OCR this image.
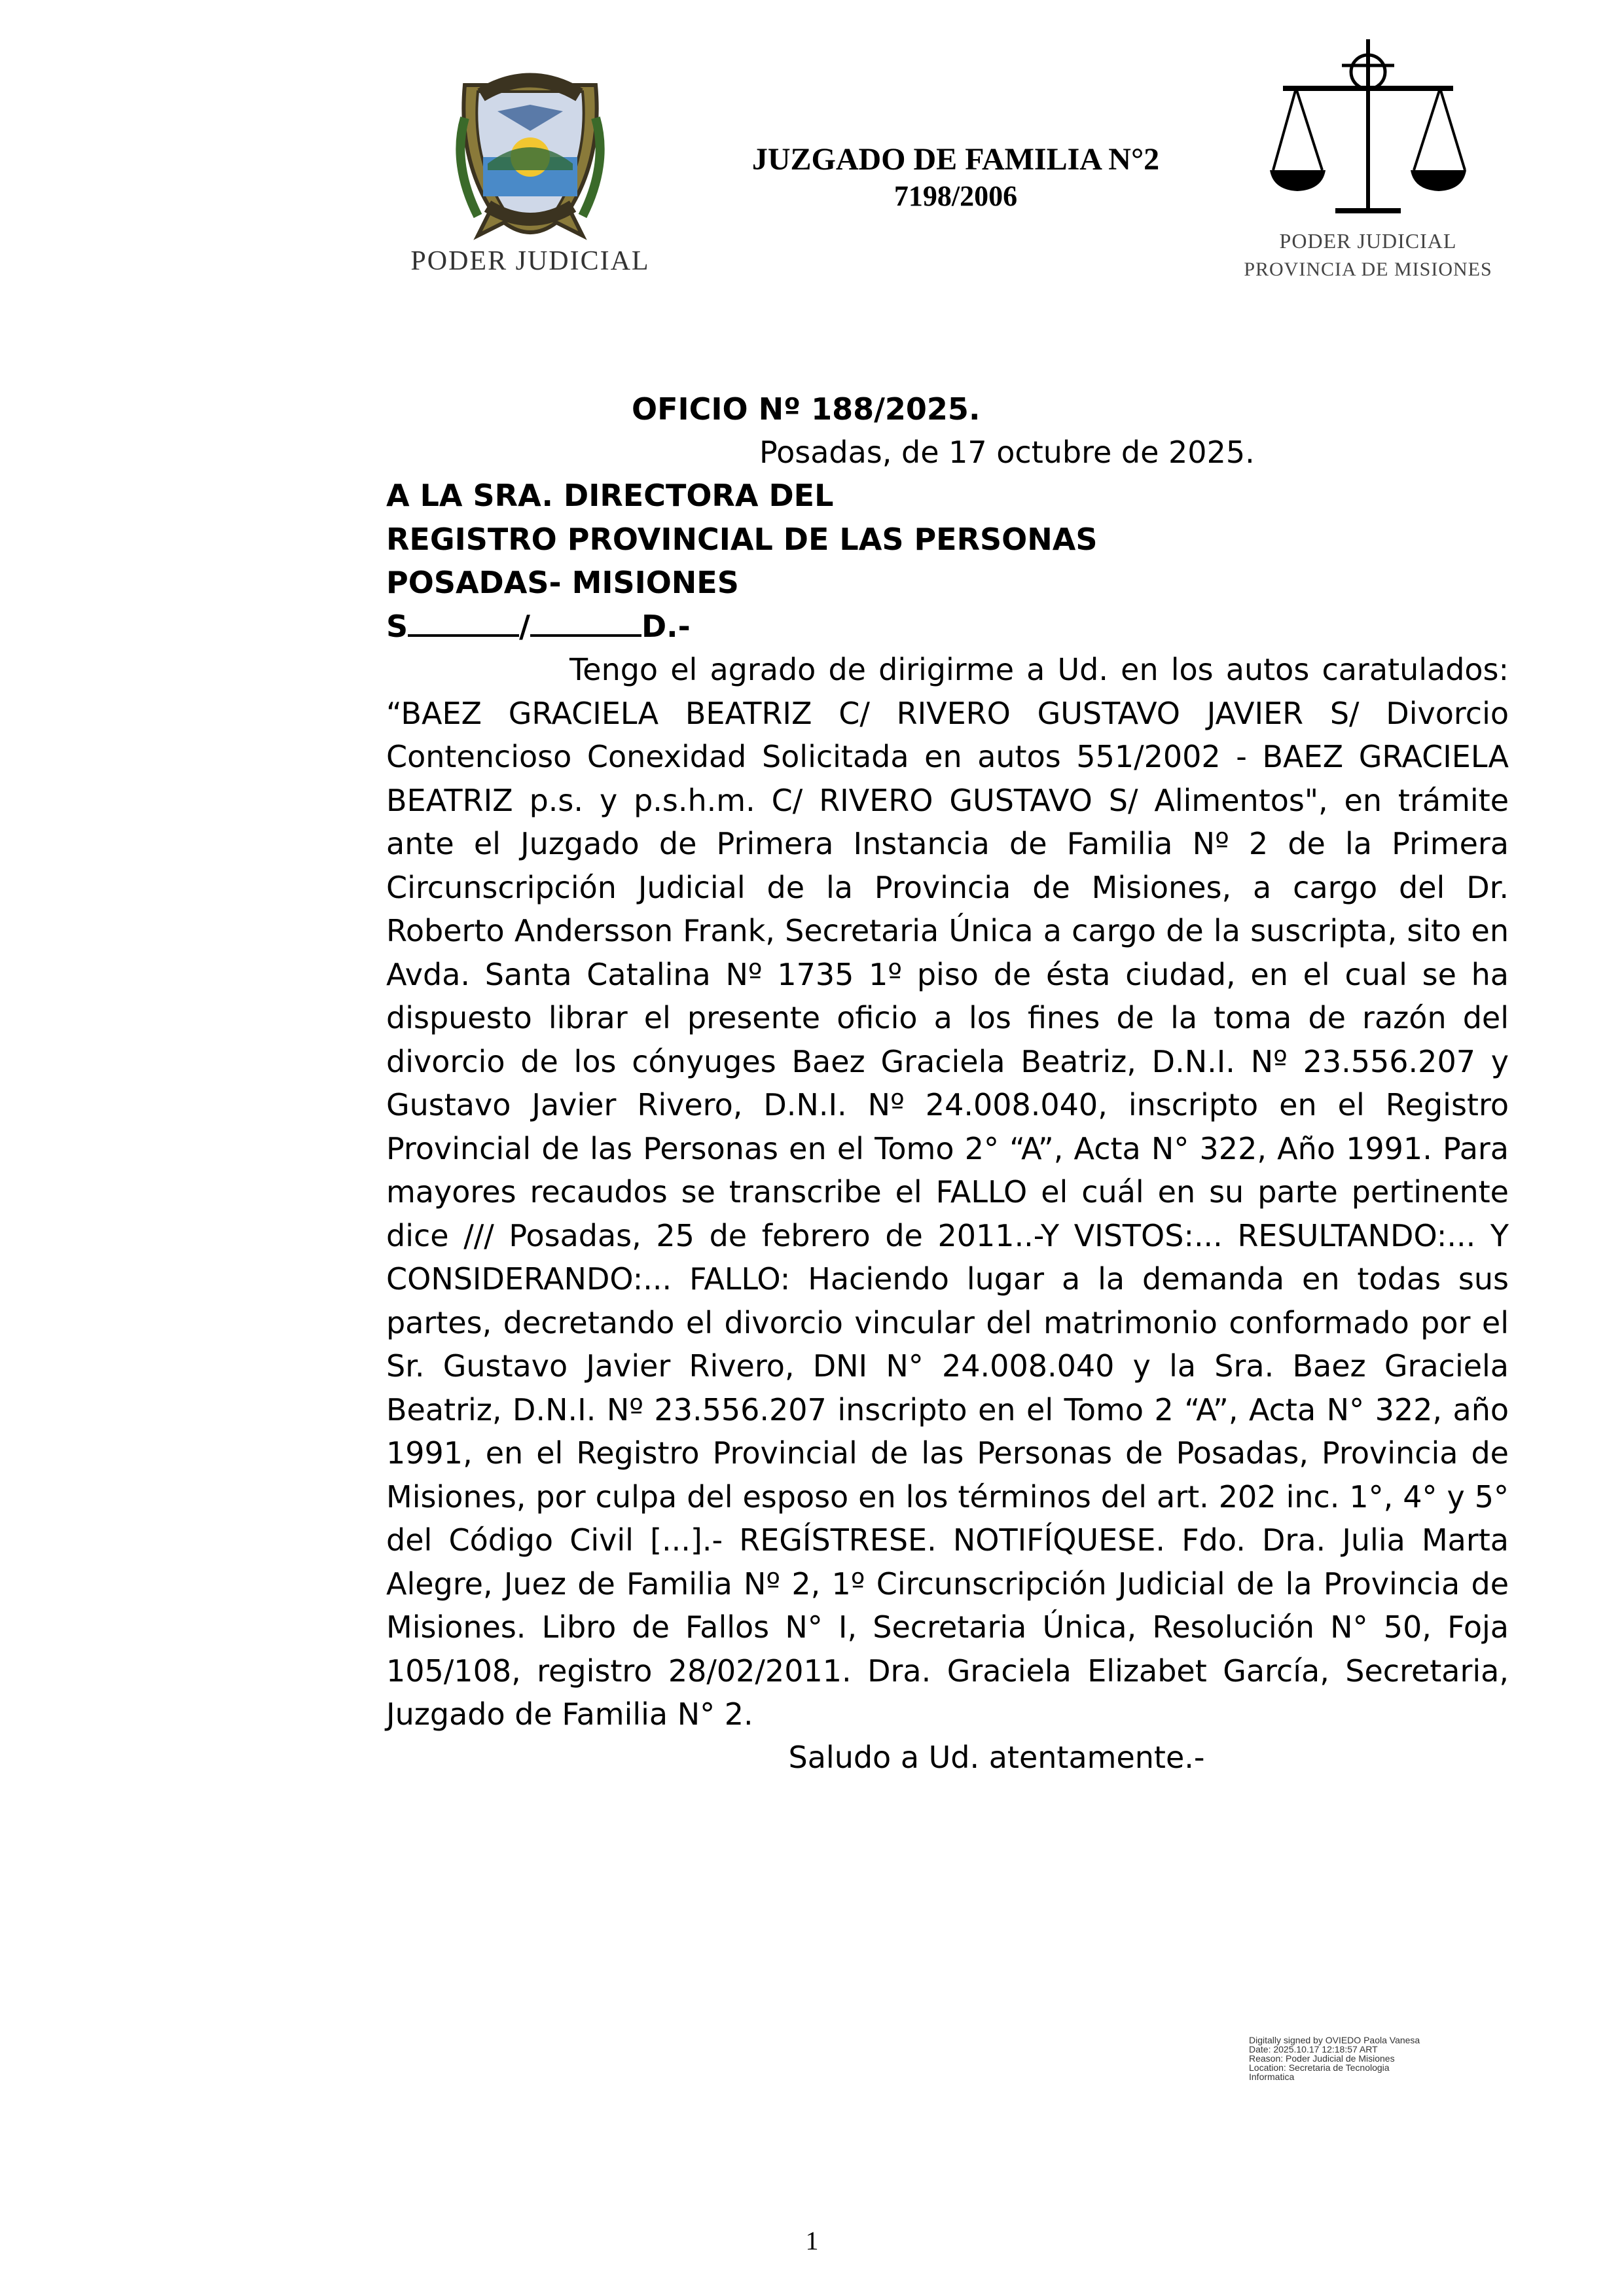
PODER JUDICIAL
JUZGADO DE FAMILIA N°2
7198/2006
PODER JUDICIAL
PROVINCIA DE MISIONES
OFICIO Nº 188/2025.
Posadas, de 17 octubre de 2025.
A LA SRA. DIRECTORA DEL
REGISTRO PROVINCIAL DE LAS PERSONAS
POSADAS- MISIONES
S	/	D.-
Tengo el agrado de dirigirme a Ud. en los autos caratulados: “BAEZ GRACIELA BEATRIZ C/ RIVERO GUSTAVO JAVIER S/ Divorcio Contencioso Conexidad Solicitada en autos 551/2002 - BAEZ GRACIELA BEATRIZ p.s. y p.s.h.m. C/ RIVERO GUSTAVO S/ Alimentos", en trámite ante el Juzgado de Primera Instancia de Familia Nº 2 de la Primera Circunscripción Judicial de la Provincia de Misiones, a cargo del Dr. Roberto Andersson Frank, Secretaria Única a cargo de la suscripta, sito en Avda. Santa Catalina Nº 1735 1º piso de ésta ciudad, en el cual se ha dispuesto librar el presente oficio a los fines de la toma de razón del divorcio de los cónyuges Baez Graciela Beatriz, D.N.I. Nº 23.556.207 y Gustavo Javier Rivero, D.N.I. Nº 24.008.040, inscripto en el Registro Provincial de las Personas en el Tomo 2° “A”, Acta N° 322, Año 1991. Para mayores recaudos se transcribe el FALLO el cuál en su parte pertinente dice /// Posadas, 25 de febrero de 2011..-Y VISTOS:... RESULTANDO:... Y CONSIDERANDO:... FALLO: Haciendo lugar a la demanda en todas sus partes, decretando el divorcio vincular del matrimonio conformado por el Sr. Gustavo Javier Rivero, DNI N° 24.008.040 y la Sra. Baez Graciela Beatriz, D.N.I. Nº 23.556.207 inscripto en el Tomo 2 “A”, Acta N° 322, año 1991, en el Registro Provincial de las Personas de Posadas, Provincia de Misiones, por culpa del esposo en los términos del art. 202 inc. 1°, 4° y 5° del Código Civil [...].- REGÍSTRESE. NOTIFÍQUESE. Fdo. Dra. Julia Marta Alegre, Juez de Familia Nº 2, 1º Circunscripción Judicial de la Provincia de Misiones. Libro de Fallos N° I, Secretaria Única, Resolución N° 50, Foja 105/108, registro 28/02/2011. Dra. Graciela Elizabet García, Secretaria, Juzgado de Familia N° 2.
Saludo a Ud. atentamente.-
Digitally signed by OVIEDO Paola Vanesa
Date: 2025.10.17 12:18:57 ART
Reason: Poder Judicial de Misiones
Location: Secretaria de Tecnologia
Informatica
1
